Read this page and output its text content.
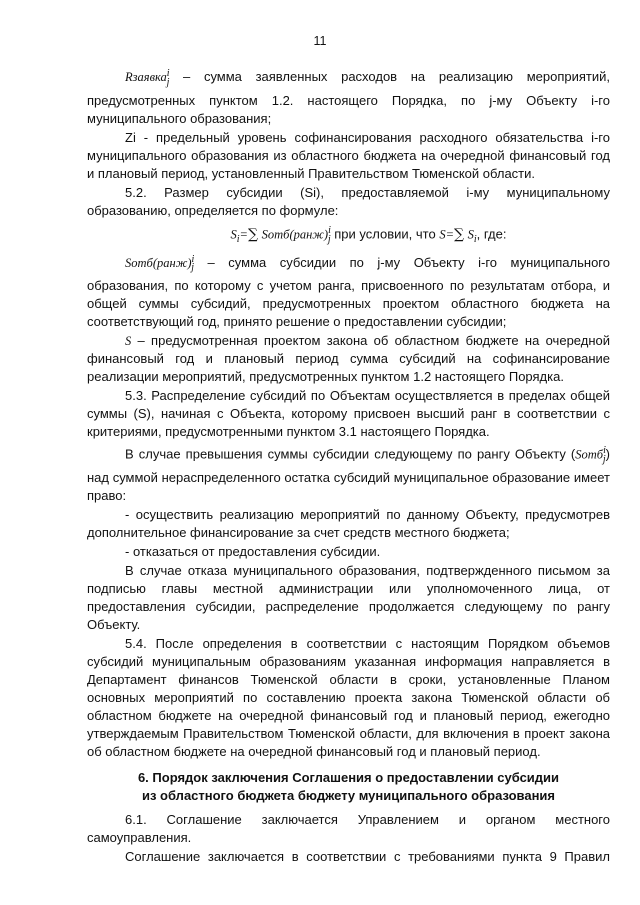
11

Rзаявка$^i_j$ – сумма заявленных расходов на реализацию мероприятий, предусмотренных пунктом 1.2. настоящего Порядка, по j-му Объекту i-го муниципального образования;

Zi - предельный уровень софинансирования расходного обязательства i-го муниципального образования из областного бюджета на очередной финансовый год и плановый период, установленный Правительством Тюменской области.

5.2. Размер субсидии (Si), предоставляемой i-му муниципальному образованию, определяется по формуле:

$S_i=\sum$ Sотб(ранж)$^i_j$ при условии, что S=∑ $S_i$, где:

Sотб(ранж)$^i_j$ – сумма субсидии по j-му Объекту i-го муниципального образования, по которому с учетом ранга, присвоенного по результатам отбора, и общей суммы субсидий, предусмотренных проектом областного бюджета на соответствующий год, принято решение о предоставлении субсидии;

S – предусмотренная проектом закона об областном бюджете на очередной финансовый год и плановый период сумма субсидий на софинансирование реализации мероприятий, предусмотренных пунктом 1.2 настоящего Порядка.

5.3. Распределение субсидий по Объектам осуществляется в пределах общей суммы (S), начиная с Объекта, которому присвоен высший ранг в соответствии с критериями, предусмотренными пунктом 3.1 настоящего Порядка.

В случае превышения суммы субсидии следующему по рангу Объекту (Sотб$^i_j$) над суммой нераспределенного остатка субсидий муниципальное образование имеет право:

- осуществить реализацию мероприятий по данному Объекту, предусмотрев дополнительное финансирование за счет средств местного бюджета;

- отказаться от предоставления субсидии.

В случае отказа муниципального образования, подтвержденного письмом за подписью главы местной администрации или уполномоченного лица, от предоставления субсидии, распределение продолжается следующему по рангу Объекту.

5.4. После определения в соответствии с настоящим Порядком объемов субсидий муниципальным образованиям указанная информация направляется в Департамент финансов Тюменской области в сроки, установленные Планом основных мероприятий по составлению проекта закона Тюменской области об областном бюджете на очередной финансовый год и плановый период, ежегодно утверждаемым Правительством Тюменской области, для включения в проект закона об областном бюджете на очередной финансовый год и плановый период.

6. Порядок заключения Соглашения о предоставлении субсидии
из областного бюджета бюджету муниципального образования

6.1. Соглашение заключается Управлением и органом местного самоуправления.

Соглашение заключается в соответствии с требованиями пункта 9 Правил
